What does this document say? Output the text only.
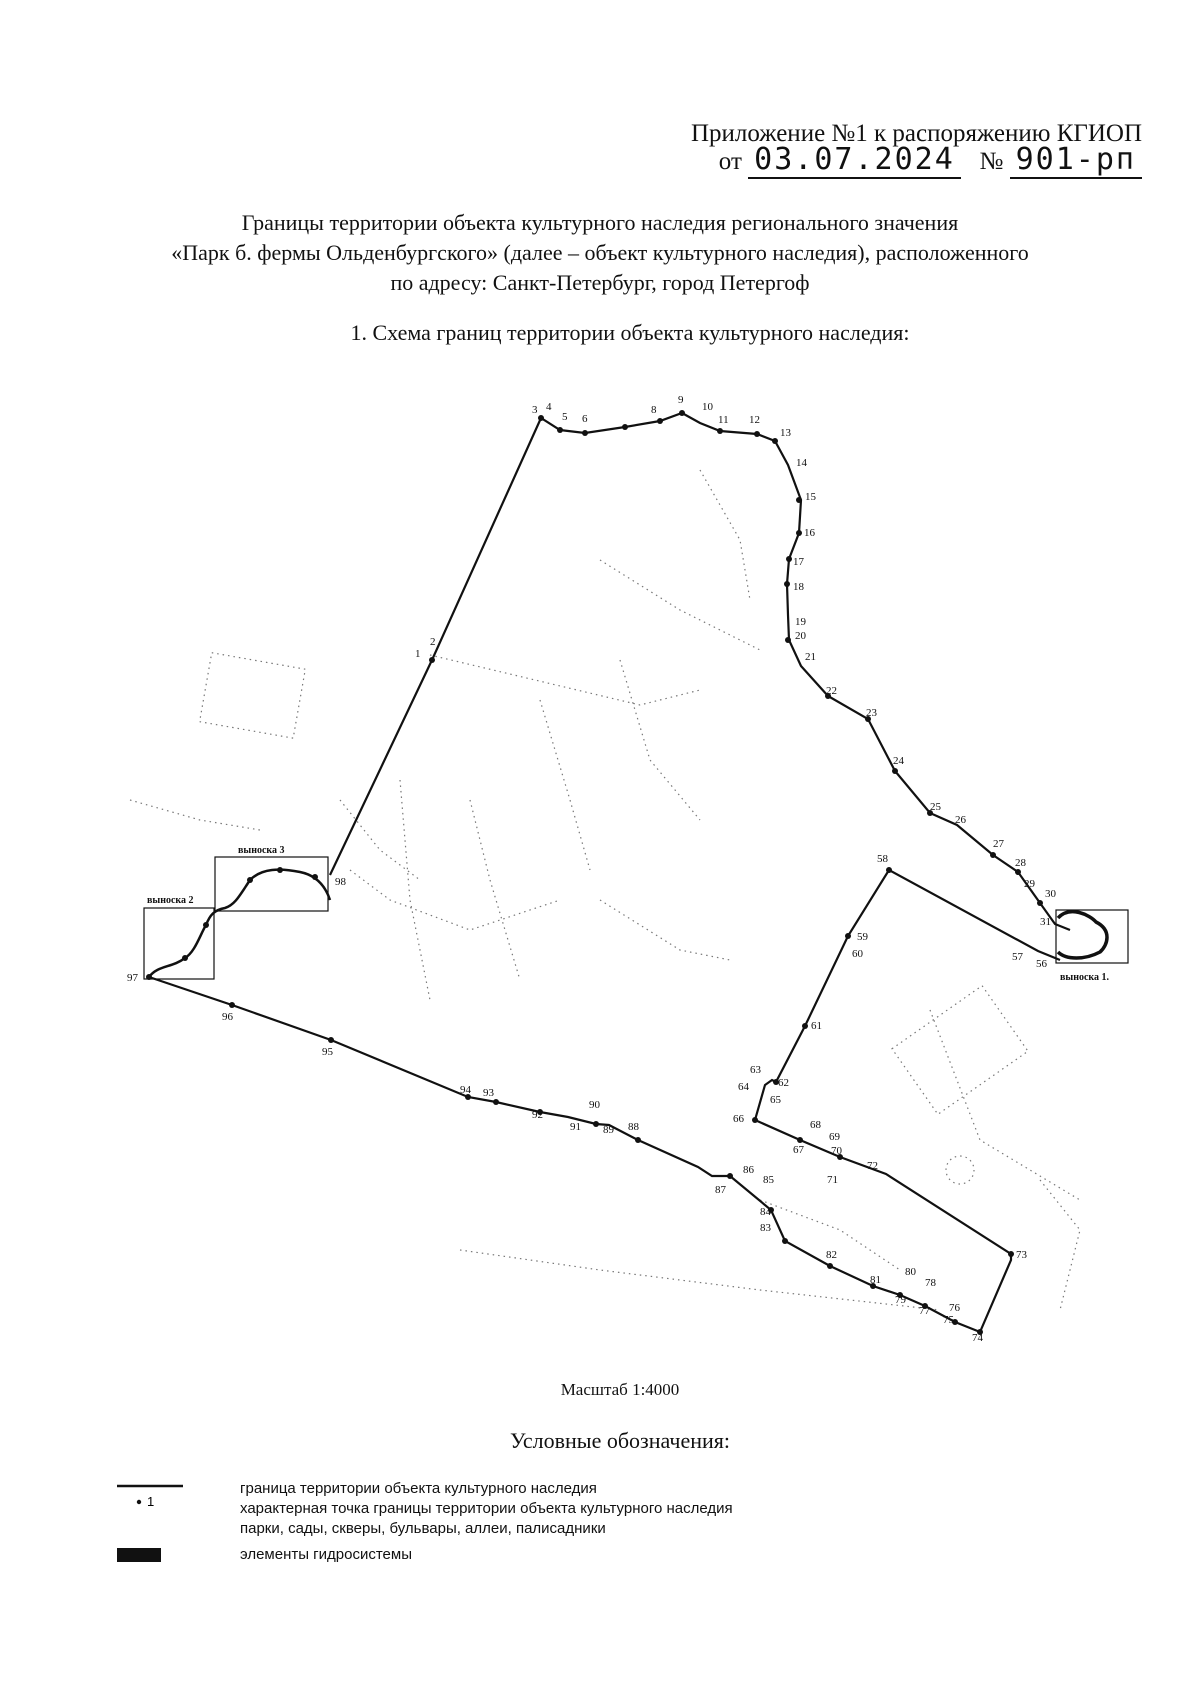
Приложение №1 к распоряжению КГИОП
от 03.07.2024 № 901-рп
Границы территории объекта культурного наследия регионального значения
«Парк б. фермы Ольденбургского» (далее – объект культурного наследия), расположенного
по адресу: Санкт-Петербург, город Петергоф
1. Схема границ территории объекта культурного наследия:
выноска 3
выноска 2
выноска 1.
1
2
3 4
5 6
8
9
10
11 12
13
14
15
16
17
18
19
20
21
22
23
24
25
26
27
28
29
30
31
56
57
58
59
60
61
62
63
64
65
66
67
68
69
70
71
72
73
74
75
76
77
78
79
80
81
82
83
84
85
86
87
88
89
90
91
92
93
94
95
96
97
98
Масштаб 1:4000
Условные обозначения:
1
граница территории объекта культурного наследия
характерная точка границы территории объекта культурного наследия
парки, сады, скверы, бульвары, аллеи, палисадники
элементы гидросистемы
